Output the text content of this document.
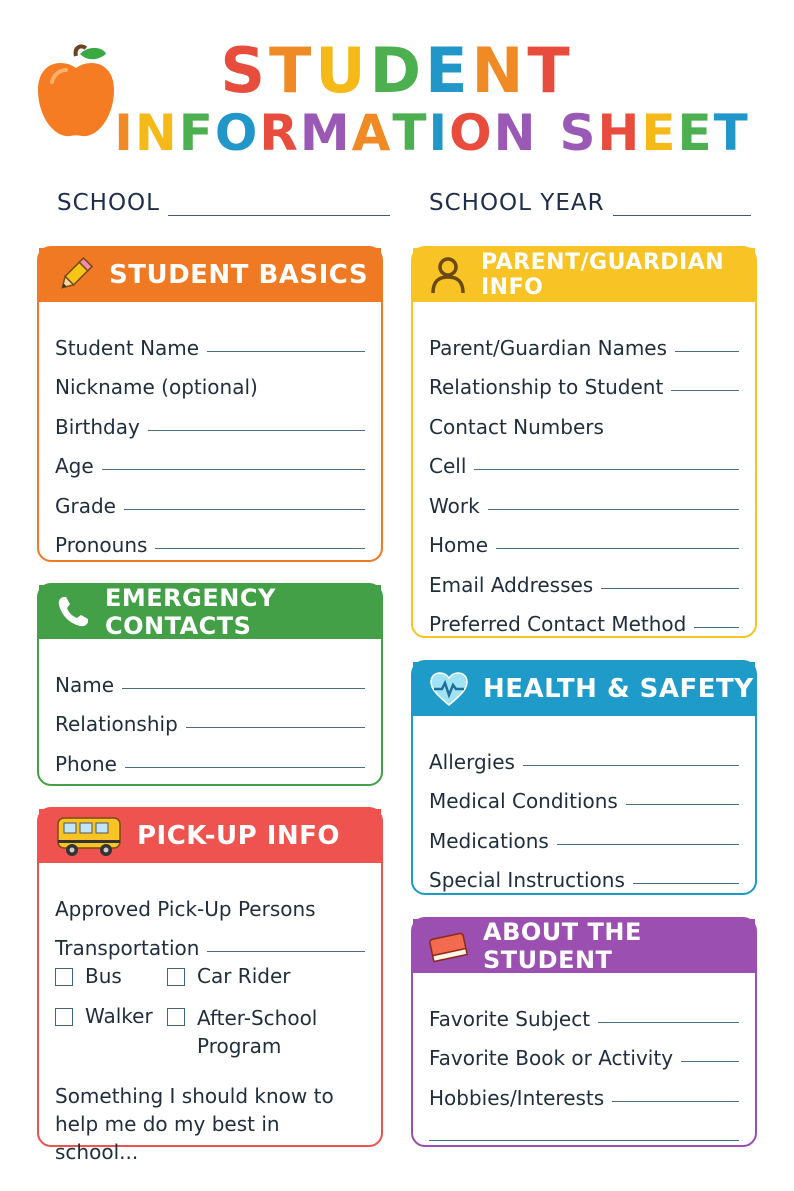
STUDENT
INFORMATION SHEET
SCHOOL	SCHOOL YEAR
STUDENT BASICS
Student Name
Nickname (optional)
Birthday
Age
Grade
Pronouns
EMERGENCY CONTACTS
Name
Relationship
Phone
PICK-UP INFO
Approved Pick-Up Persons
Transportation
Bus	Car Rider
Walker After-School Program
Something I should know to help me do my best in school...
PARENT/GUARDIAN INFO
Parent/Guardian Names
Relationship to Student
Contact Numbers
Cell
Work
Home
Email Addresses
Preferred Contact Method
HEALTH & SAFETY
Allergies
Medical Conditions
Medications
Special Instructions
ABOUT THE STUDENT
Favorite Subject
Favorite Book or Activity
Hobbies/Interests
